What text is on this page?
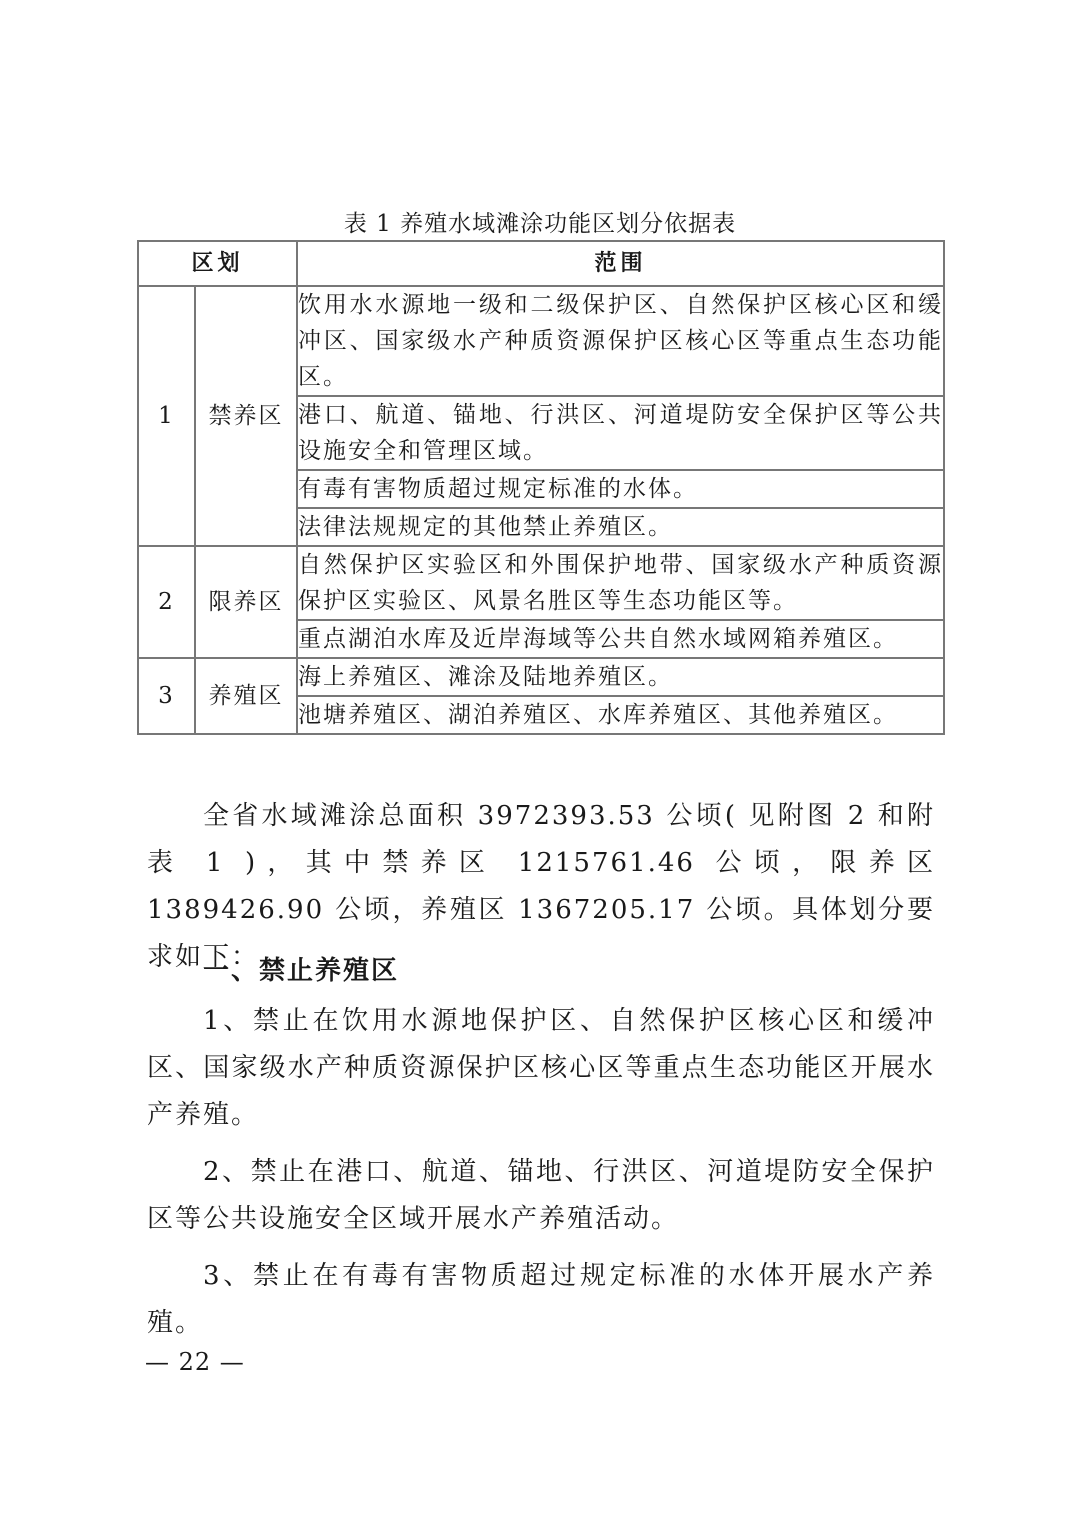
表 1 养殖水域滩涂功能区划分依据表
区划		范围
1	禁养区	饮用水水源地一级和二级保护区、自然保护区核心区和缓冲区、国家级水产种质资源保护区核心区等重点生态功能区。
		港口、航道、锚地、行洪区、河道堤防安全保护区等公共设施安全和管理区域。
		有毒有害物质超过规定标准的水体。
		法律法规规定的其他禁止养殖区。
2	限养区	自然保护区实验区和外围保护地带、国家级水产种质资源保护区实验区、风景名胜区等生态功能区等。
		重点湖泊水库及近岸海域等公共自然水域网箱养殖区。
3	养殖区	海上养殖区、滩涂及陆地养殖区。
		池塘养殖区、湖泊养殖区、水库养殖区、其他养殖区。
全省水域滩涂总面积 3972393.53 公顷( 见附图 2 和附表 1 )，其中禁养区 1215761.46 公顷，限养区 1389426.90 公顷，养殖区 1367205.17 公顷。具体划分要求如下：
一、禁止养殖区
1、禁止在饮用水源地保护区、自然保护区核心区和缓冲区、国家级水产种质资源保护区核心区等重点生态功能区开展水产养殖。
2、禁止在港口、航道、锚地、行洪区、河道堤防安全保护区等公共设施安全区域开展水产养殖活动。
3、禁止在有毒有害物质超过规定标准的水体开展水产养殖。
— 22 —
